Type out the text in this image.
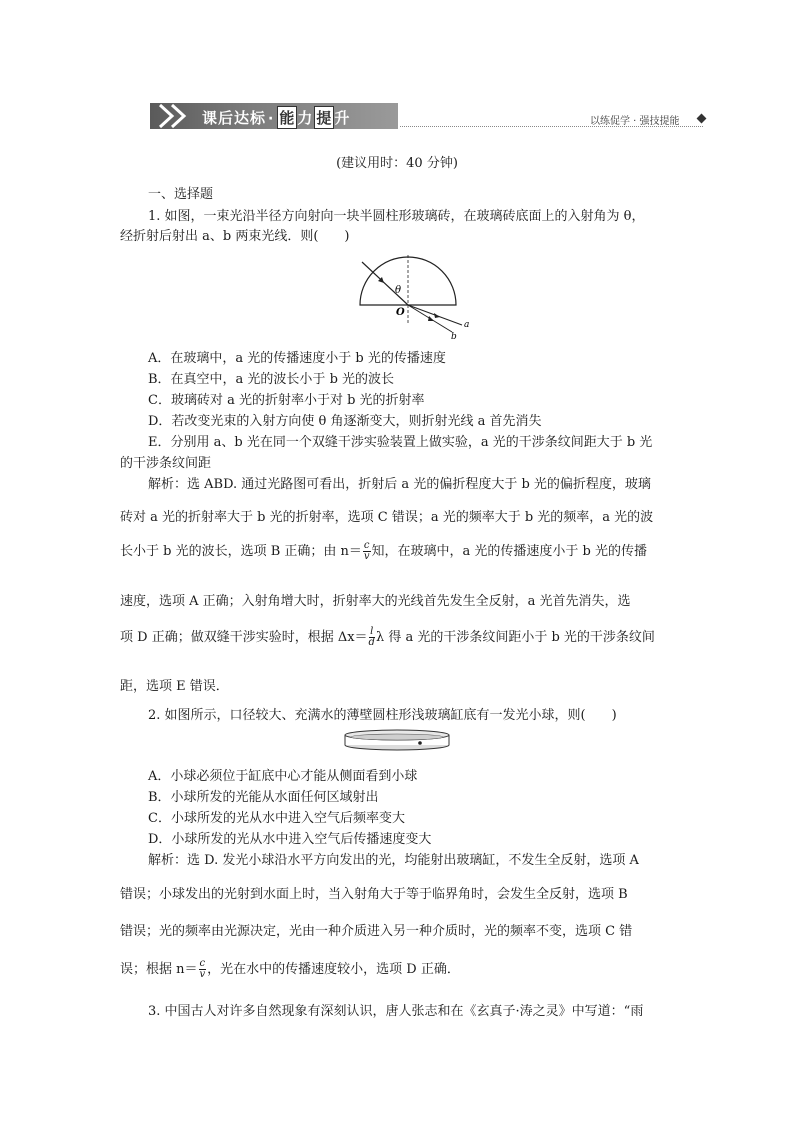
课后达标 · 能 力 提 升	以练促学 · 强技提能
(建议用时：40 分钟)
一、选择题
1. 如图，一束光沿半径方向射向一块半圆柱形玻璃砖，在玻璃砖底面上的入射角为 θ，
经折射后射出 a、b 两束光线．则(　　)
θ
O
a
b
A．在玻璃中，a 光的传播速度小于 b 光的传播速度
B．在真空中，a 光的波长小于 b 光的波长
C．玻璃砖对 a 光的折射率小于对 b 光的折射率
D．若改变光束的入射方向使 θ 角逐渐变大，则折射光线 a 首先消失
E．分别用 a、b 光在同一个双缝干涉实验装置上做实验，a 光的干涉条纹间距大于 b 光
的干涉条纹间距
解析：选 ABD. 通过光路图可看出，折射后 a 光的偏折程度大于 b 光的偏折程度，玻璃
砖对 a 光的折射率大于 b 光的折射率，选项 C 错误；a 光的频率大于 b 光的频率，a 光的波
长小于 b 光的波长，选项 B 正确；由 $n= \frac{c}{v}$ 知，在玻璃中，a 光的传播速度小于 b 光的传播
速度，选项 A 正确；入射角增大时，折射率大的光线首先发生全反射，a 光首先消失，选
项 D 正确；做双缝干涉实验时，根据 $\Delta x= \frac{l}{d}$ λ 得 a 光的干涉条纹间距小于 b 光的干涉条纹间
距，选项 E 错误．
2. 如图所示，口径较大、充满水的薄壁圆柱形浅玻璃缸底有一发光小球，则(　　)
A．小球必须位于缸底中心才能从侧面看到小球
B．小球所发的光能从水面任何区域射出
C．小球所发的光从水中进入空气后频率变大
D．小球所发的光从水中进入空气后传播速度变大
解析：选 D. 发光小球沿水平方向发出的光，均能射出玻璃缸，不发生全反射，选项 A
错误；小球发出的光射到水面上时，当入射角大于等于临界角时，会发生全反射，选项 B
错误；光的频率由光源决定，光由一种介质进入另一种介质时，光的频率不变，选项 C 错
误；根据 $n= \frac{c}{v}$ ，光在水中的传播速度较小，选项 D 正确．
3. 中国古人对许多自然现象有深刻认识，唐人张志和在《玄真子·涛之灵》中写道：“雨
